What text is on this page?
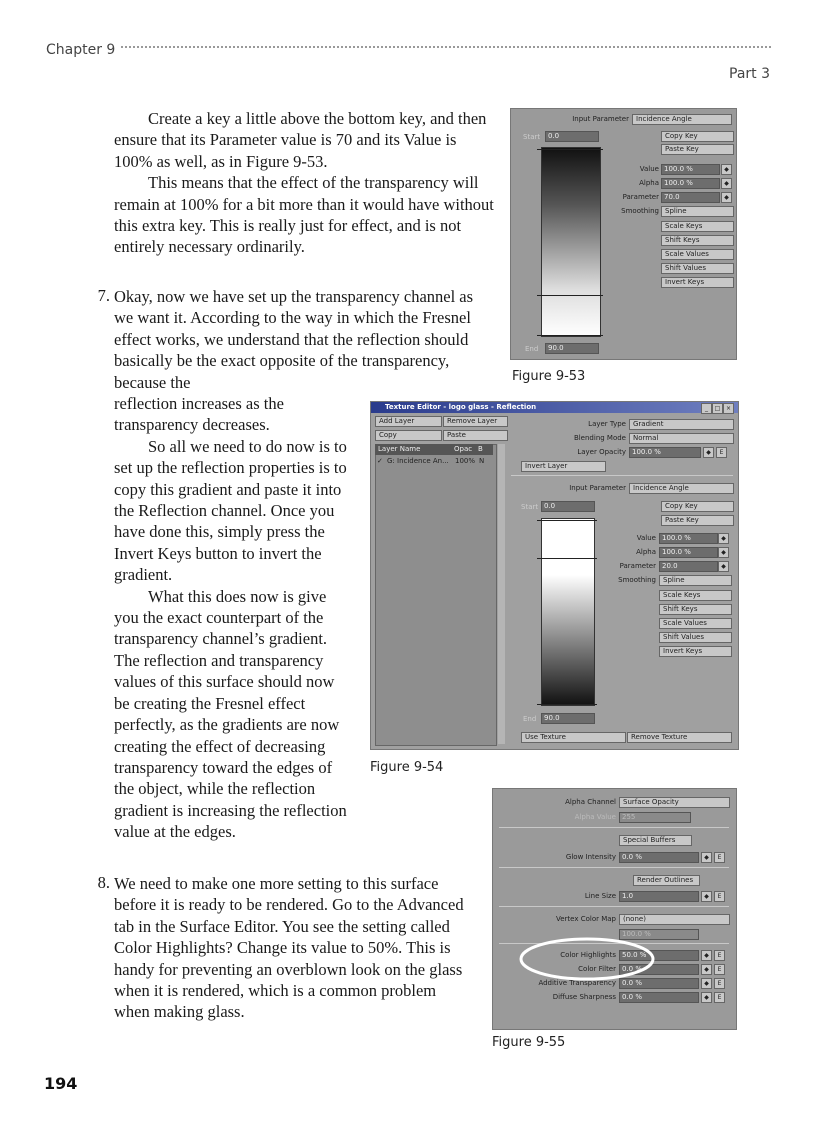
Chapter 9
Part 3

Create a key a little above the bottom key, and then ensure that its Parameter value is 70 and its Value is 100% as well, as in Figure 9-53.

This means that the effect of the transparency will remain at 100% for a bit more than it would have without this extra key. This is really just for effect, and is not entirely necessary ordinarily.

7. Okay, now we have set up the transparency channel as we want it. According to the way in which the Fresnel effect works, we understand that the reflection should basically be the exact opposite of the transparency, because the

reflection increases as the transparency decreases.

So all we need to do now is to set up the reflection properties is to copy this gradient and paste it into the Reflection channel. Once you have done this, simply press the Invert Keys button to invert the gradient.

What this does now is give you the exact counterpart of the transparency channel’s gradient. The reflection and transparency values of this surface should now be creating the Fresnel effect perfectly, as the gradients are now creating the effect of decreasing transparency toward the edges of the object, while the reflection gradient is increasing the reflection value at the edges.

8. We need to make one more setting to this surface before it is ready to be rendered. Go to the Advanced tab in the Surface Editor. You see the setting called Color Highlights? Change its value to 50%. This is handy for preventing an overblown look on the glass when it is rendered, which is a common problem when making glass.

194
Input Parameter	Incidence Angle
Start	0.0	Copy Key
Paste Key
Value 100.0 %	◆
Alpha 100.0 %	◆
Parameter 70.0	◆
Smoothing Spline
Scale Keys
Shift Keys
Scale Values
Shift Values
Invert Keys
End	90.0
Figure 9-53
Texture Editor - logo glass - Reflection	_	□ ×
Add Layer	Remove Layer
Copy	Paste
Layer Name	Opac B
✓ G: Incidence An... 100% N
Layer Type	Gradient
Blending Mode	Normal
Layer Opacity 100.0 %	◆	E
Invert Layer
Input Parameter	Incidence Angle
Start 0.0	Copy Key
Paste Key
Value 100.0 %	◆
Alpha 100.0 %	◆
Parameter 20.0	◆
Smoothing	Spline
Scale Keys
Shift Keys
Scale Values
Shift Values
Invert Keys
End	90.0
Use Texture	Remove Texture
Figure 9-54
Alpha Channel	Surface Opacity
Alpha Value 255
Special Buffers
Glow Intensity 0.0 %	◆	E
Render Outlines
Line Size 1.0	◆	E
Vertex Color Map	(none)
100.0 %
Color Highlights 50.0 %	◆	E
Color Filter 0.0 %	◆	E
Additive Transparency 0.0 %	◆	E
Diffuse Sharpness 0.0 %	◆	E
Figure 9-55
